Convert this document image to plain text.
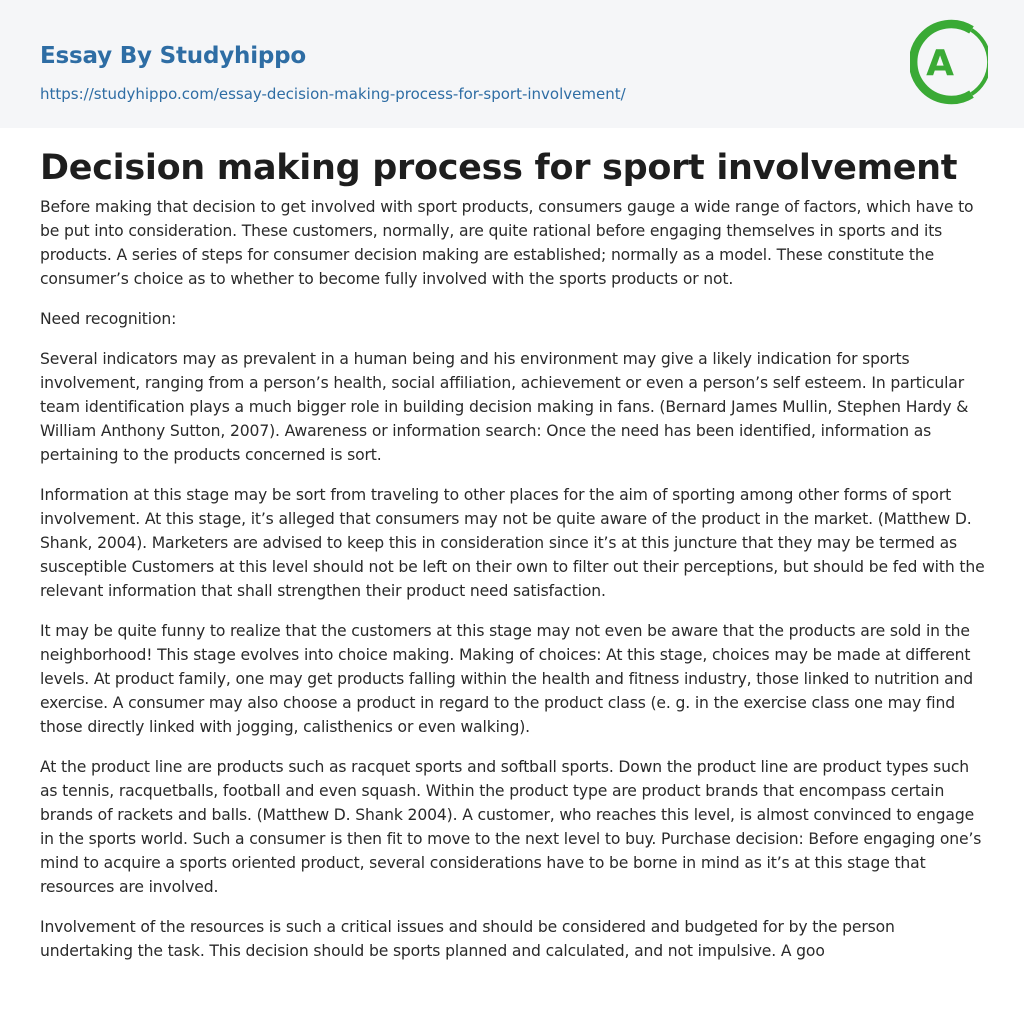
Essay By Studyhippo
https://studyhippo.com/essay-decision-making-process-for-sport-involvement/
A
Decision making process for sport involvement

Before making that decision to get involved with sport products, consumers gauge a wide range of factors, which have to be put into consideration. These customers, normally, are quite rational before engaging themselves in sports and its products. A series of steps for consumer decision making are established; normally as a model. These constitute the consumer’s choice as to whether to become fully involved with the sports products or not.

Need recognition:

Several indicators may as prevalent in a human being and his environment may give a likely indication for sports involvement, ranging from a person’s health, social affiliation, achievement or even a person’s self esteem. In particular team identification plays a much bigger role in building decision making in fans. (Bernard James Mullin, Stephen Hardy & William Anthony Sutton, 2007). Awareness or information search: Once the need has been identified, information as pertaining to the products concerned is sort.

Information at this stage may be sort from traveling to other places for the aim of sporting among other forms of sport involvement. At this stage, it’s alleged that consumers may not be quite aware of the product in the market. (Matthew D. Shank, 2004). Marketers are advised to keep this in consideration since it’s at this juncture that they may be termed as susceptible Customers at this level should not be left on their own to filter out their perceptions, but should be fed with the relevant information that shall strengthen their product need satisfaction.

It may be quite funny to realize that the customers at this stage may not even be aware that the products are sold in the neighborhood! This stage evolves into choice making. Making of choices: At this stage, choices may be made at different levels. At product family, one may get products falling within the health and fitness industry, those linked to nutrition and exercise. A consumer may also choose a product in regard to the product class (e. g. in the exercise class one may find those directly linked with jogging, calisthenics or even walking).

At the product line are products such as racquet sports and softball sports. Down the product line are product types such as tennis, racquetballs, football and even squash. Within the product type are product brands that encompass certain brands of rackets and balls. (Matthew D. Shank 2004). A customer, who reaches this level, is almost convinced to engage in the sports world. Such a consumer is then fit to move to the next level to buy. Purchase decision: Before engaging one’s mind to acquire a sports oriented product, several considerations have to be borne in mind as it’s at this stage that resources are involved.

Involvement of the resources is such a critical issues and should be considered and budgeted for by the person undertaking the task. This decision should be sports planned and calculated, and not impulsive. A goo
